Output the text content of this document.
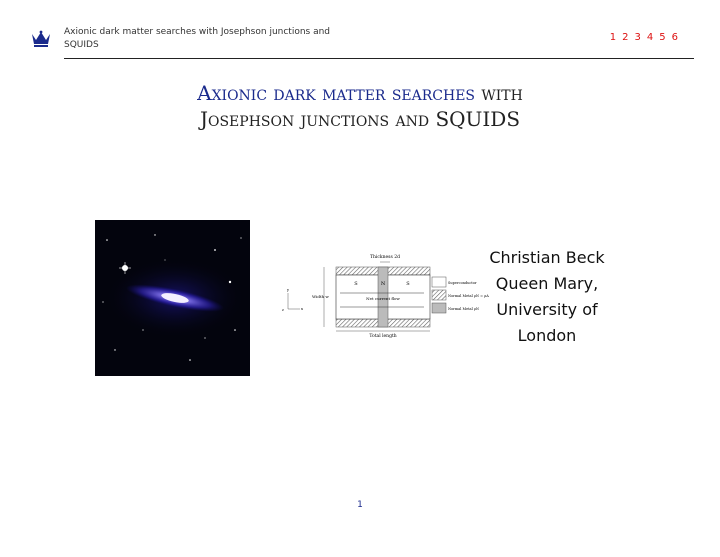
Axionic dark matter searches with Josephson junctions and SQUIDS
1 2 3 4 5 6
Axionic dark matter searches with
Josephson junctions and SQUIDS
Thickness 2d
S	N	S
Net current flow
Width w
Total length
y
x
z
Superconductor
Normal Metal ρN = ρA
Normal Metal ρN
Christian Beck
Queen Mary,
University of
London
1
